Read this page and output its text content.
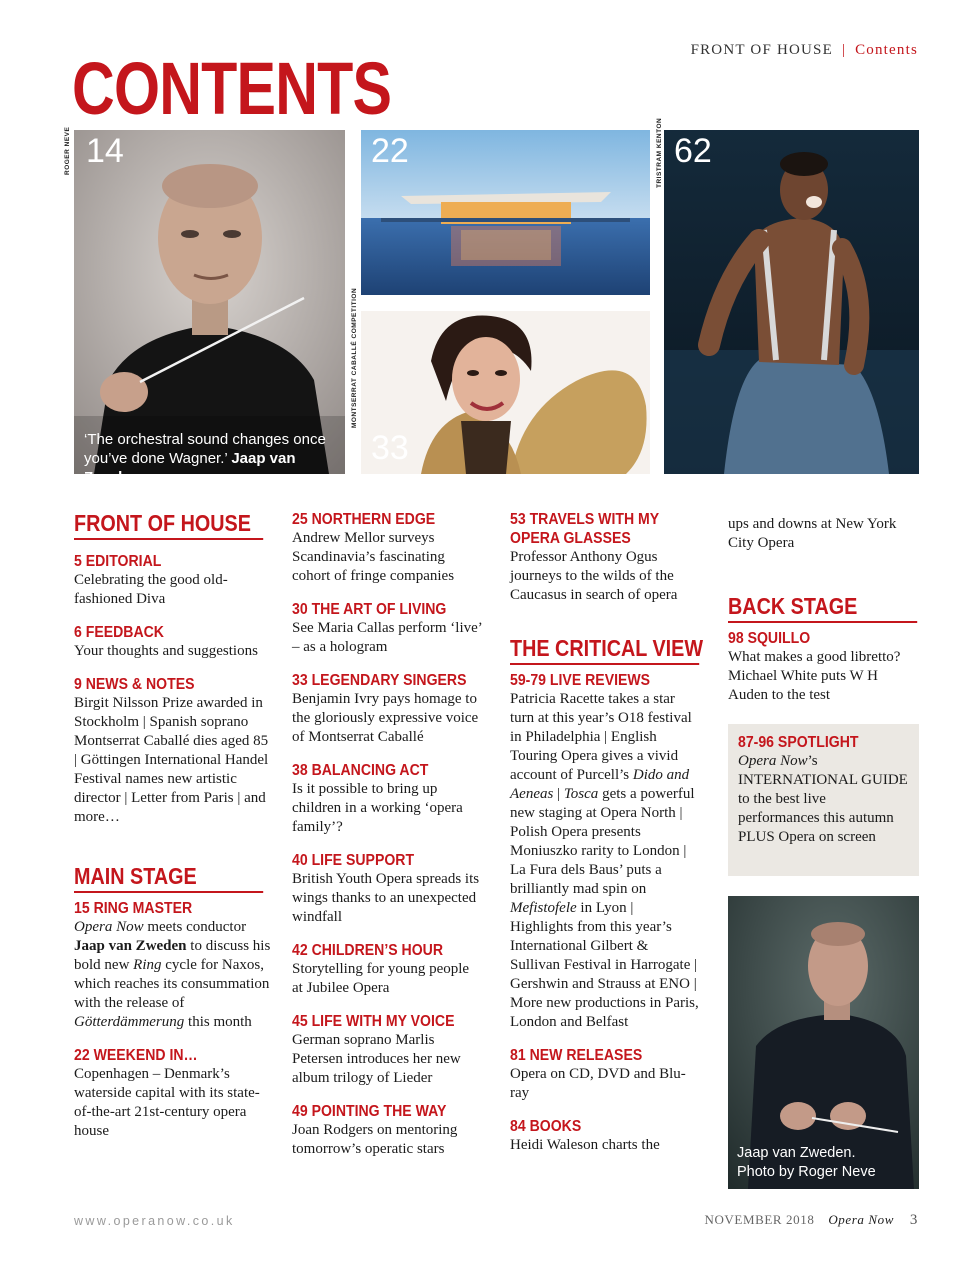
FRONT OF HOUSE | Contents
CONTENTS
14
‘The orchestral sound changes once you’ve done Wagner.’ Jaap van Zweden
ROGER NEVE	22
33
MONTSERRAT CABALLÉ COMPETITION
62
TRISTRAM KENTON
FRONT OF HOUSE
5 EDITORIAL
Celebrating the good old-fashioned Diva
6 FEEDBACK
Your thoughts and suggestions
9 NEWS & NOTES
Birgit Nilsson Prize awarded in Stockholm | Spanish soprano Montserrat Caballé dies aged 85 | Göttingen International Handel Festival names new artistic director | Letter from Paris | and more…
MAIN STAGE
15 RING MASTER
Opera Now meets conductor Jaap van Zweden to discuss his bold new Ring cycle for Naxos, which reaches its consummation with the release of Götterdämmerung this month
22 WEEKEND IN…
Copenhagen – Denmark’s waterside capital with its state-of-the-art 21st-century opera house
25 NORTHERN EDGE
Andrew Mellor surveys Scandinavia’s fascinating cohort of fringe companies
30 THE ART OF LIVING
See Maria Callas perform ‘live’ – as a hologram
33 LEGENDARY SINGERS
Benjamin Ivry pays homage to the gloriously expressive voice of Montserrat Caballé
38 BALANCING ACT
Is it possible to bring up children in a working ‘opera family’?
40 LIFE SUPPORT
British Youth Opera spreads its wings thanks to an unexpected windfall
42 CHILDREN’S HOUR
Storytelling for young people at Jubilee Opera
45 LIFE WITH MY VOICE
German soprano Marlis Petersen introduces her new album trilogy of Lieder
49 POINTING THE WAY
Joan Rodgers on mentoring tomorrow’s operatic stars
53 TRAVELS WITH MY OPERA GLASSES
Professor Anthony Ogus journeys to the wilds of the Caucasus in search of opera
THE CRITICAL VIEW
59-79 LIVE REVIEWS
Patricia Racette takes a star turn at this year’s O18 festival in Philadelphia | English Touring Opera gives a vivid account of Purcell’s Dido and Aeneas | Tosca gets a powerful new staging at Opera North | Polish Opera presents Moniuszko rarity to London | La Fura dels Baus’ puts a brilliantly mad spin on Mefistofele in Lyon | Highlights from this year’s International Gilbert & Sullivan Festival in Harrogate | Gershwin and Strauss at ENO | More new productions in Paris, London and Belfast
81 NEW RELEASES
Opera on CD, DVD and Blu-ray
84 BOOKS
Heidi Waleson charts the
ups and downs at New York City Opera
BACK STAGE
98 SQUILLO
What makes a good libretto? Michael White puts W H Auden to the test
87-96 SPOTLIGHT
Opera Now’s
INTERNATIONAL GUIDE
to the best live performances this autumn
PLUS Opera on screen
Jaap van Zweden.
Photo by Roger Neve
www.operanow.co.uk	NOVEMBER 2018 Opera Now 3
